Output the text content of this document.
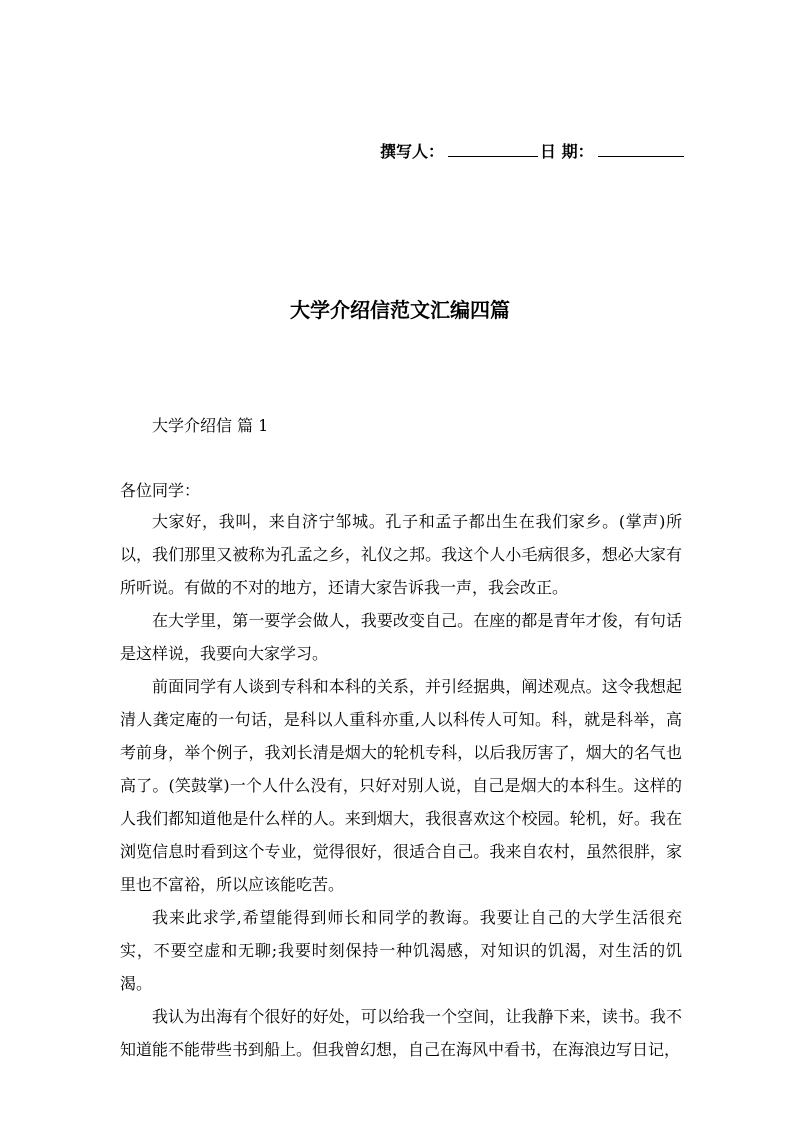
撰写人：	日 期：
大学介绍信范文汇编四篇
大学介绍信 篇 1
各位同学：

大家好，我叫，来自济宁邹城。孔子和孟子都出生在我们家乡。(掌声)所以，我们那里又被称为孔孟之乡，礼仪之邦。我这个人小毛病很多，想必大家有所听说。有做的不对的地方，还请大家告诉我一声，我会改正。

在大学里，第一要学会做人，我要改变自己。在座的都是青年才俊，有句话是这样说，我要向大家学习。

前面同学有人谈到专科和本科的关系，并引经据典，阐述观点。这令我想起清人龚定庵的一句话，是科以人重科亦重,人以科传人可知。科，就是科举，高考前身，举个例子，我刘长清是烟大的轮机专科，以后我厉害了，烟大的名气也高了。(笑鼓掌)一个人什么没有，只好对别人说，自己是烟大的本科生。这样的人我们都知道他是什么样的人。来到烟大，我很喜欢这个校园。轮机，好。我在浏览信息时看到这个专业，觉得很好，很适合自己。我来自农村，虽然很胖，家里也不富裕，所以应该能吃苦。

我来此求学,希望能得到师长和同学的教诲。我要让自己的大学生活很充实，不要空虚和无聊;我要时刻保持一种饥渴感，对知识的饥渴，对生活的饥渴。

我认为出海有个很好的好处，可以给我一个空间，让我静下来，读书。我不知道能不能带些书到船上。但我曾幻想，自己在海风中看书，在海浪边写日记，
